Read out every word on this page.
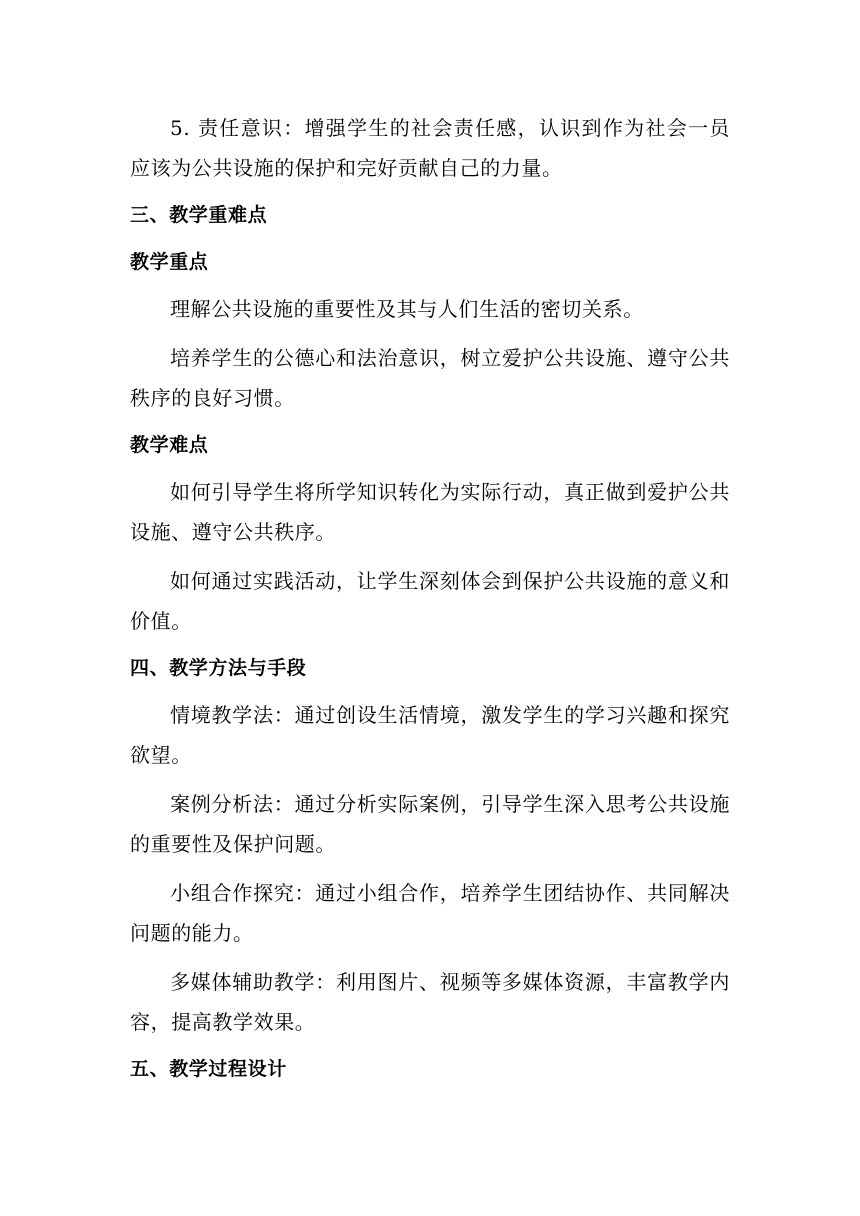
5. 责任意识：增强学生的社会责任感，认识到作为社会一员应该为公共设施的保护和完好贡献自己的力量。

三、教学重难点
教学重点

理解公共设施的重要性及其与人们生活的密切关系。

培养学生的公德心和法治意识，树立爱护公共设施、遵守公共秩序的良好习惯。

教学难点

如何引导学生将所学知识转化为实际行动，真正做到爱护公共设施、遵守公共秩序。

如何通过实践活动，让学生深刻体会到保护公共设施的意义和价值。

四、教学方法与手段

情境教学法：通过创设生活情境，激发学生的学习兴趣和探究欲望。

案例分析法：通过分析实际案例，引导学生深入思考公共设施的重要性及保护问题。

小组合作探究：通过小组合作，培养学生团结协作、共同解决问题的能力。

多媒体辅助教学：利用图片、视频等多媒体资源，丰富教学内容，提高教学效果。

五、教学过程设计
